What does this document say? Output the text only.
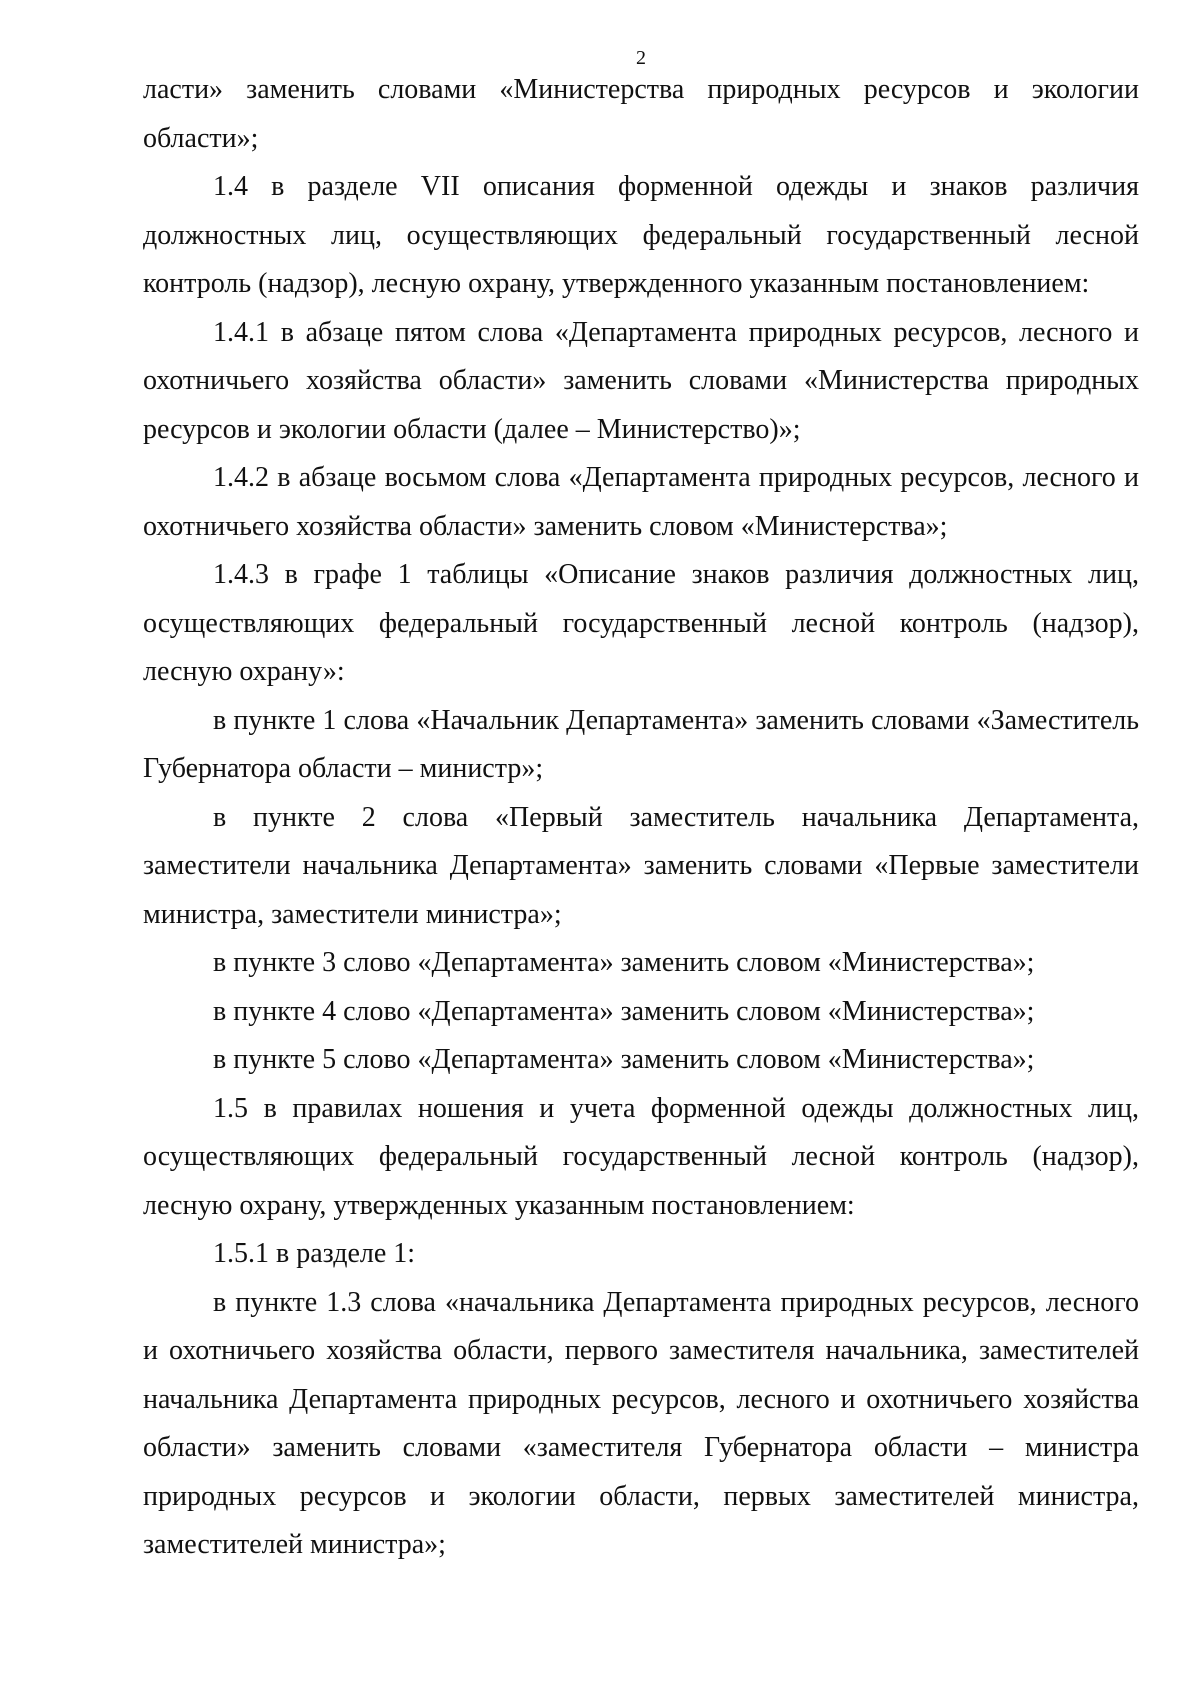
2

ласти» заменить словами «Министерства природных ресурсов и экологии области»;

1.4 в разделе VII описания форменной одежды и знаков различия должностных лиц, осуществляющих федеральный государственный лесной контроль (надзор), лесную охрану, утвержденного указанным постановлением:

1.4.1 в абзаце пятом слова «Департамента природных ресурсов, лесного и охотничьего хозяйства области» заменить словами «Министерства природных ресурсов и экологии области (далее – Министерство)»;

1.4.2 в абзаце восьмом слова «Департамента природных ресурсов, лесного и охотничьего хозяйства области» заменить словом «Министерства»;

1.4.3 в графе 1 таблицы «Описание знаков различия должностных лиц, осуществляющих федеральный государственный лесной контроль (надзор), лесную охрану»:

в пункте 1 слова «Начальник Департамента» заменить словами «Заместитель Губернатора области – министр»;

в пункте 2 слова «Первый заместитель начальника Департамента, заместители начальника Департамента» заменить словами «Первые заместители министра, заместители министра»;

в пункте 3 слово «Департамента» заменить словом «Министерства»;

в пункте 4 слово «Департамента» заменить словом «Министерства»;

в пункте 5 слово «Департамента» заменить словом «Министерства»;

1.5 в правилах ношения и учета форменной одежды должностных лиц, осуществляющих федеральный государственный лесной контроль (надзор), лесную охрану, утвержденных указанным постановлением:

1.5.1 в разделе 1:

в пункте 1.3 слова «начальника Департамента природных ресурсов, лесного и охотничьего хозяйства области, первого заместителя начальника, заместителей начальника Департамента природных ресурсов, лесного и охотничьего хозяйства области» заменить словами «заместителя Губернатора области – министра природных ресурсов и экологии области, первых заместителей министра, заместителей министра»;
